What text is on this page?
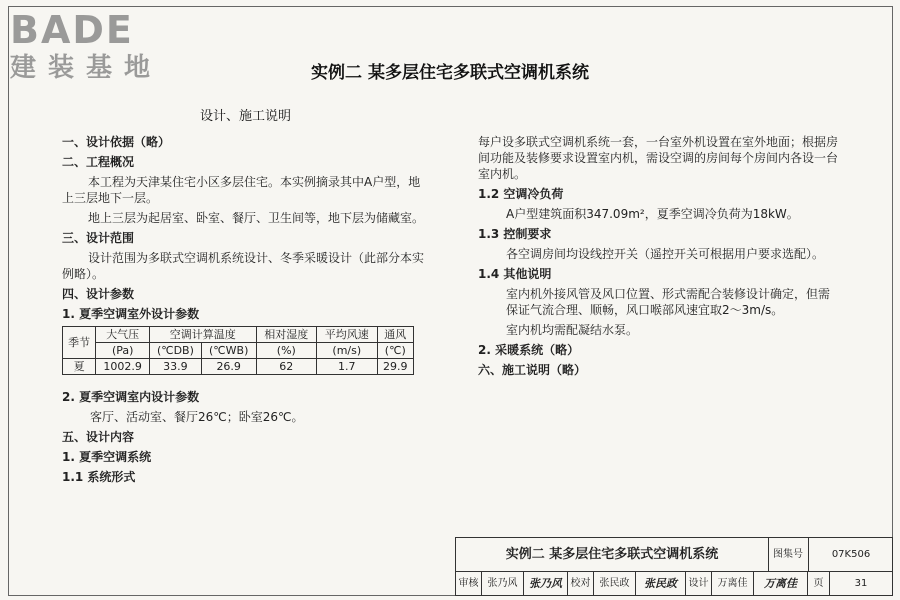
BADE
建装基地	实例二 某多层住宅多联式空调机系统
设计、施工说明
一、设计依据（略）
二、工程概况
本工程为天津某住宅小区多层住宅。本实例摘录其中A户型，地上三层地下一层。
地上三层为起居室、卧室、餐厅、卫生间等，地下层为储藏室。
三、设计范围
设计范围为多联式空调机系统设计、冬季采暖设计（此部分本实例略）。
四、设计参数
1. 夏季空调室外设计参数
季节	大气压	空调计算温度		相对湿度	平均风速	通风
	(Pa)	(℃DB)	(℃WB)	(%)	(m/s)	(℃)
夏	1002.9	33.9	26.9	62	1.7	29.9
2. 夏季空调室内设计参数
客厅、活动室、餐厅26℃；卧室26℃。
五、设计内容
1. 夏季空调系统
1.1 系统形式
每户设多联式空调机系统一套，一台室外机设置在室外地面；根据房间功能及装修要求设置室内机，需设空调的房间每个房间内各设一台室内机。
1.2 空调冷负荷
A户型建筑面积347.09m²，夏季空调冷负荷为18kW。
1.3 控制要求
各空调房间均设线控开关（遥控开关可根据用户要求选配）。
1.4 其他说明
室内机外接风管及风口位置、形式需配合装修设计确定，但需保证气流合理、顺畅，风口喉部风速宜取2～3m/s。
室内机均需配凝结水泵。
2. 采暖系统（略）
六、施工说明（略）
实例二 某多层住宅多联式空调机系统	图集号	07K506
审核 张乃风	张乃风 校对 张民政	张民政	设计 万离佳	万离佳	页	31
